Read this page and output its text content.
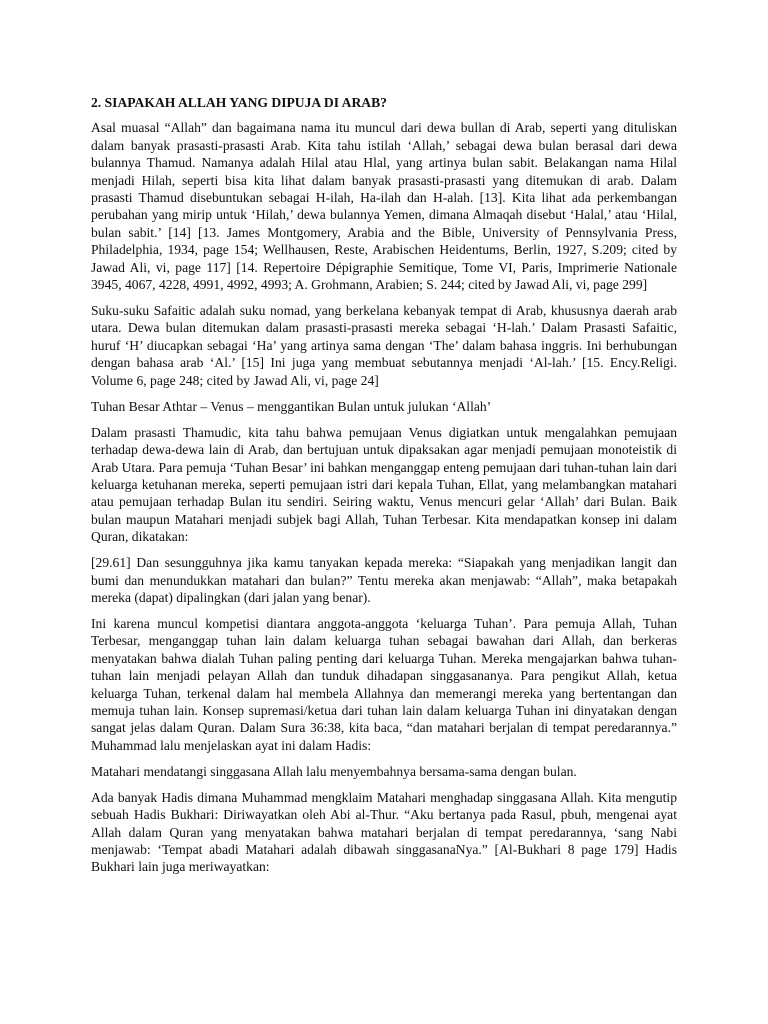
2. SIAPAKAH ALLAH YANG DIPUJA DI ARAB?

Asal muasal “Allah” dan bagaimana nama itu muncul dari dewa bullan di Arab, seperti yang dituliskan dalam banyak prasasti-prasasti Arab. Kita tahu istilah ‘Allah,’ sebagai dewa bulan berasal dari dewa bulannya Thamud. Namanya adalah Hilal atau Hlal, yang artinya bulan sabit. Belakangan nama Hilal menjadi Hilah, seperti bisa kita lihat dalam banyak prasasti-prasasti yang ditemukan di arab. Dalam prasasti Thamud disebuntukan sebagai H-ilah, Ha-ilah dan H-alah. [13]. Kita lihat ada perkembangan perubahan yang mirip untuk ‘Hilah,’ dewa bulannya Yemen, dimana Almaqah disebut ‘Halal,’ atau ‘Hilal, bulan sabit.’ [14] [13. James Montgomery, Arabia and the Bible, University of Pennsylvania Press, Philadelphia, 1934, page 154; Wellhausen, Reste, Arabischen Heidentums, Berlin, 1927, S.209; cited by Jawad Ali, vi, page 117] [14. Repertoire Dépigraphie Semitique, Tome VI, Paris, Imprimerie Nationale 3945, 4067, 4228, 4991, 4992, 4993; A. Grohmann, Arabien; S. 244; cited by Jawad Ali, vi, page 299]

Suku-suku Safaitic adalah suku nomad, yang berkelana kebanyak tempat di Arab, khususnya daerah arab utara. Dewa bulan ditemukan dalam prasasti-prasasti mereka sebagai ‘H-lah.’ Dalam Prasasti Safaitic, huruf ‘H’ diucapkan sebagai ‘Ha’ yang artinya sama dengan ‘The’ dalam bahasa inggris. Ini berhubungan dengan bahasa arab ‘Al.’ [15] Ini juga yang membuat sebutannya menjadi ‘Al-lah.’ [15. Ency.Religi. Volume 6, page 248; cited by Jawad Ali, vi, page 24]

Tuhan Besar Athtar – Venus – menggantikan Bulan untuk julukan ‘Allah’

Dalam prasasti Thamudic, kita tahu bahwa pemujaan Venus digiatkan untuk mengalahkan pemujaan terhadap dewa-dewa lain di Arab, dan bertujuan untuk dipaksakan agar menjadi pemujaan monoteistik di Arab Utara. Para pemuja ‘Tuhan Besar’ ini bahkan menganggap enteng pemujaan dari tuhan-tuhan lain dari keluarga ketuhanan mereka, seperti pemujaan istri dari kepala Tuhan, Ellat, yang melambangkan matahari atau pemujaan terhadap Bulan itu sendiri. Seiring waktu, Venus mencuri gelar ‘Allah’ dari Bulan. Baik bulan maupun Matahari menjadi subjek bagi Allah, Tuhan Terbesar. Kita mendapatkan konsep ini dalam Quran, dikatakan:

[29.61] Dan sesungguhnya jika kamu tanyakan kepada mereka: “Siapakah yang menjadikan langit dan bumi dan menundukkan matahari dan bulan?” Tentu mereka akan menjawab: “Allah”, maka betapakah mereka (dapat) dipalingkan (dari jalan yang benar).

Ini karena muncul kompetisi diantara anggota-anggota ‘keluarga Tuhan’. Para pemuja Allah, Tuhan Terbesar, menganggap tuhan lain dalam keluarga tuhan sebagai bawahan dari Allah, dan berkeras menyatakan bahwa dialah Tuhan paling penting dari keluarga Tuhan. Mereka mengajarkan bahwa tuhan-tuhan lain menjadi pelayan Allah dan tunduk dihadapan singgasananya. Para pengikut Allah, ketua keluarga Tuhan, terkenal dalam hal membela Allahnya dan memerangi mereka yang bertentangan dan memuja tuhan lain. Konsep supremasi/ketua dari tuhan lain dalam keluarga Tuhan ini dinyatakan dengan sangat jelas dalam Quran. Dalam Sura 36:38, kita baca, “dan matahari berjalan di tempat peredarannya.” Muhammad lalu menjelaskan ayat ini dalam Hadis:

Matahari mendatangi singgasana Allah lalu menyembahnya bersama-sama dengan bulan.

Ada banyak Hadis dimana Muhammad mengklaim Matahari menghadap singgasana Allah. Kita mengutip sebuah Hadis Bukhari: Diriwayatkan oleh Abi al-Thur. “Aku bertanya pada Rasul, pbuh, mengenai ayat Allah dalam Quran yang menyatakan bahwa matahari berjalan di tempat peredarannya, ‘sang Nabi menjawab: ‘Tempat abadi Matahari adalah dibawah singgasanaNya.” [Al-Bukhari 8 page 179] Hadis Bukhari lain juga meriwayatkan:
